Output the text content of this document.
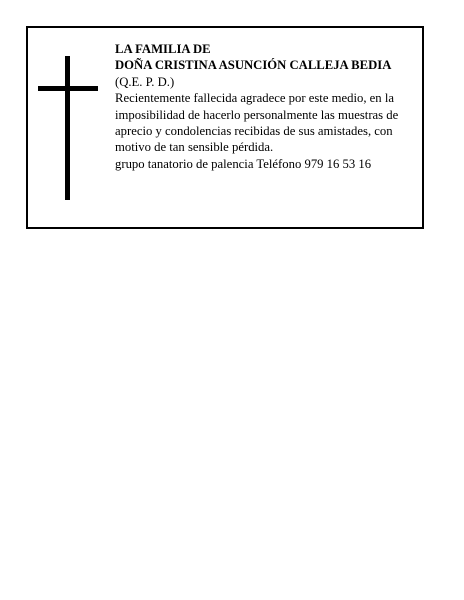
LA FAMILIA DE
DOÑA CRISTINA ASUNCIÓN CALLEJA BEDIA
(Q.E. P. D.)
Recientemente fallecida agradece por este medio, en la imposibilidad de hacerlo personalmente las muestras de aprecio y condolencias recibidas de sus amistades, con motivo de tan sensible pérdida.
grupo tanatorio de palencia Teléfono 979 16 53 16
